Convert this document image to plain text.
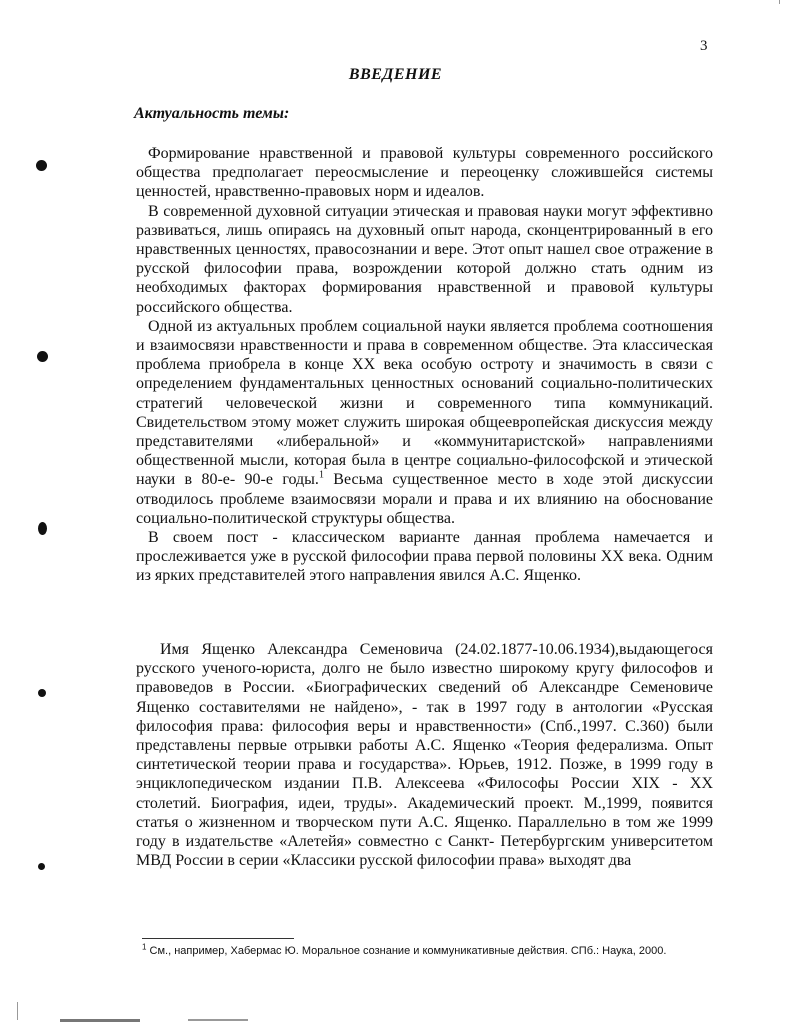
3
ВВЕДЕНИЕ
Актуальность темы:

Формирование нравственной и правовой культуры современного российского общества предполагает переосмысление и переоценку сложившейся системы ценностей, нравственно-правовых норм и идеалов.

В современной духовной ситуации этическая и правовая науки могут эффективно развиваться, лишь опираясь на духовный опыт народа, сконцентрированный в его нравственных ценностях, правосознании и вере. Этот опыт нашел свое отражение в русской философии права, возрождении которой должно стать одним из необходимых факторах формирования нравственной и правовой культуры российского общества.

Одной из актуальных проблем социальной науки является проблема соотношения и взаимосвязи нравственности и права в современном обществе. Эта классическая проблема приобрела в конце XX века особую остроту и значимость в связи с определением фундаментальных ценностных оснований социально-политических стратегий человеческой жизни и современного типа коммуникаций. Свидетельством этому может служить широкая общеевропейская дискуссия между представителями «либеральной» и «коммунитаристской» направлениями общественной мысли, которая была в центре социально-философской и этической науки в 80-е- 90-е годы.$^1$ Весьма существенное место в ходе этой дискуссии отводилось проблеме взаимосвязи морали и права и их влиянию на обоснование социально-политической структуры общества.

В своем пост - классическом варианте данная проблема намечается и прослеживается уже в русской философии права первой половины XX века. Одним из ярких представителей этого направления явился А.С. Ященко.

Имя Ященко Александра Семеновича (24.02.1877-10.06.1934),выдающегося русского ученого-юриста, долго не было известно широкому кругу философов и правоведов в России. «Биографических сведений об Александре Семеновиче Ященко составителями не найдено», - так в 1997 году в антологии «Русская философия права: философия веры и нравственности» (Спб.,1997. С.360) были представлены первые отрывки работы А.С. Ященко «Теория федерализма. Опыт синтетической теории права и государства». Юрьев, 1912. Позже, в 1999 году в энциклопедическом издании П.В. Алексеева «Философы России XIX - XX столетий. Биография, идеи, труды». Академический проект. М.,1999, появится статья о жизненном и творческом пути А.С. Ященко. Параллельно в том же 1999 году в издательстве «Алетейя» совместно с Санкт- Петербургским университетом МВД России в серии «Классики русской философии права» выходят два

$^1$ См., например, Хабермас Ю. Моральное сознание и коммуникативные действия. СПб.: Наука, 2000.
